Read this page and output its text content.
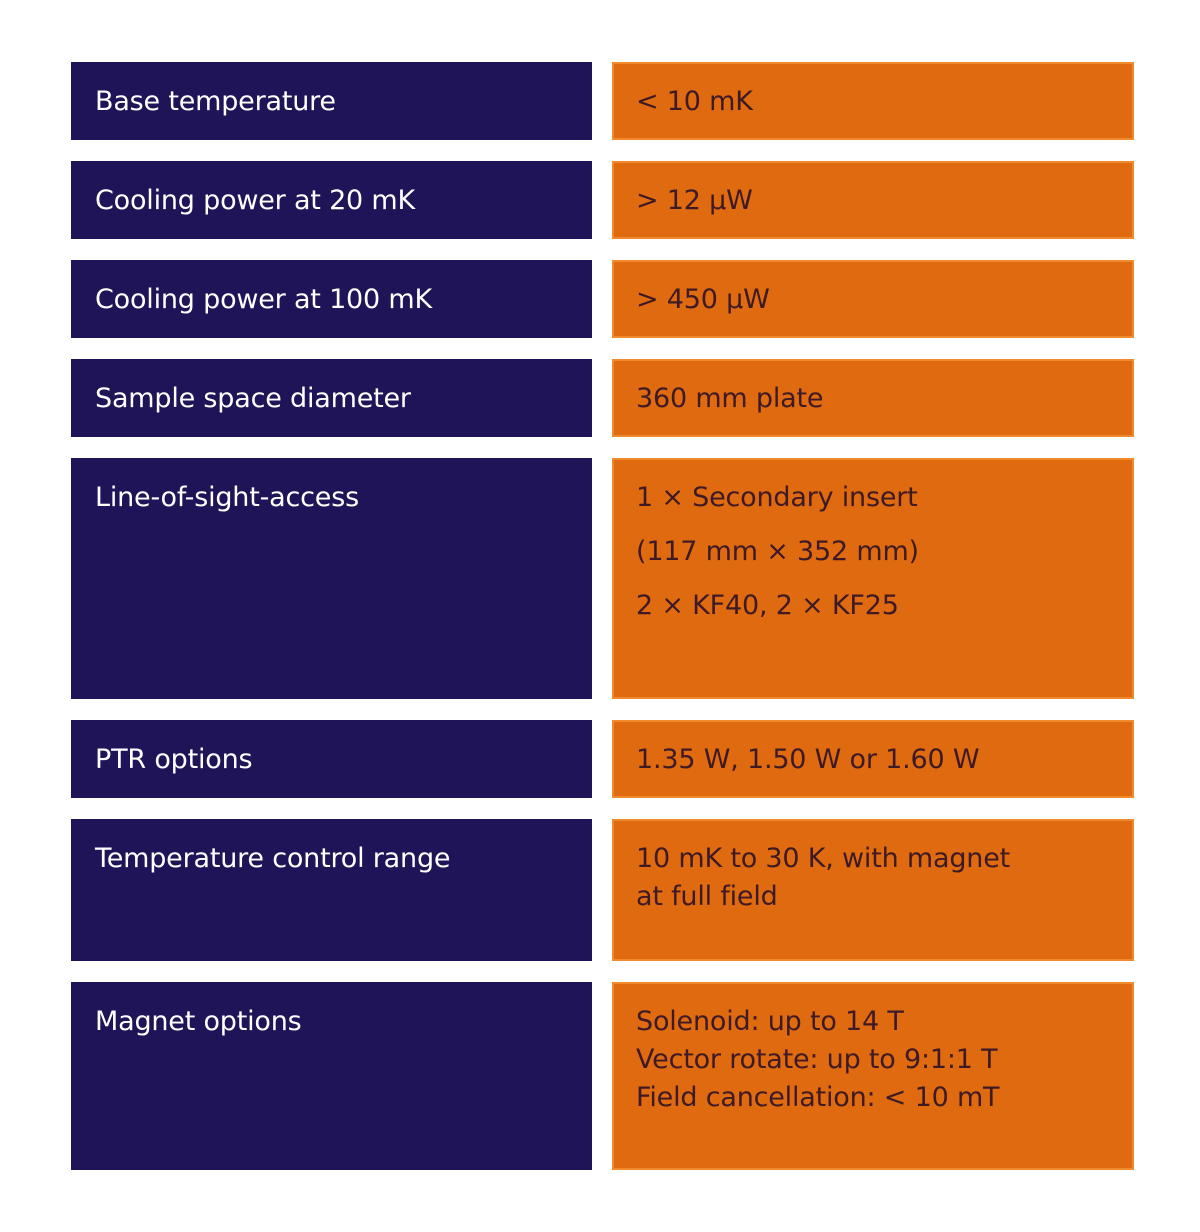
Base temperature	< 10 mK
Cooling power at 20 mK	> 12 µW
Cooling power at 100 mK	> 450 µW
Sample space diameter	360 mm plate
Line-of-sight-access	1 × Secondary insert
(117 mm × 352 mm)
2 × KF40, 2 × KF25
PTR options	1.35 W, 1.50 W or 1.60 W
Temperature control range	10 mK to 30 K, with magnet
at full field
Magnet options	Solenoid: up to 14 T
Vector rotate: up to 9:1:1 T
Field cancellation: < 10 mT
